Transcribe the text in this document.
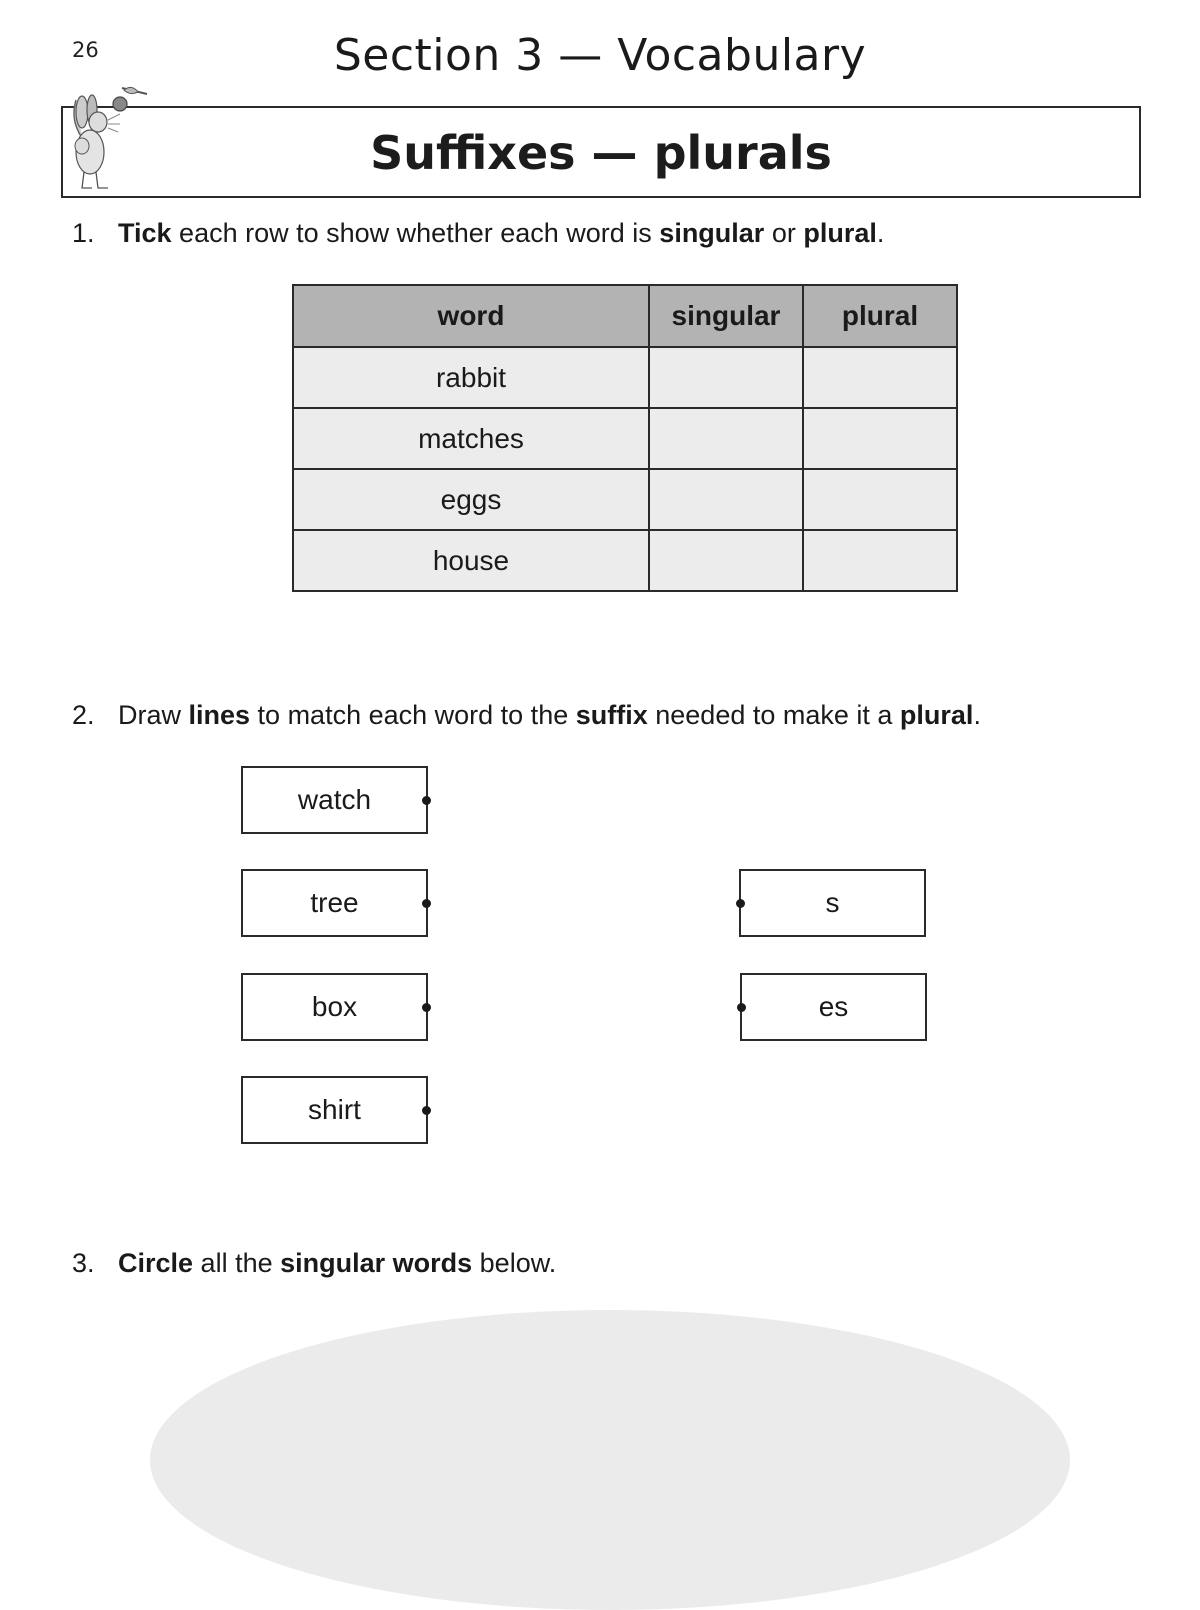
26	Section 3 — Vocabulary
Suffixes — plurals
1. Tick each row to show whether each word is singular or plural.
word	singular	plural
rabbit		
matches		
eggs		
house		
2. Draw lines to match each word to the suffix needed to make it a plural.
watch
tree
box
shirt
s
es
3. Circle all the singular words below.
